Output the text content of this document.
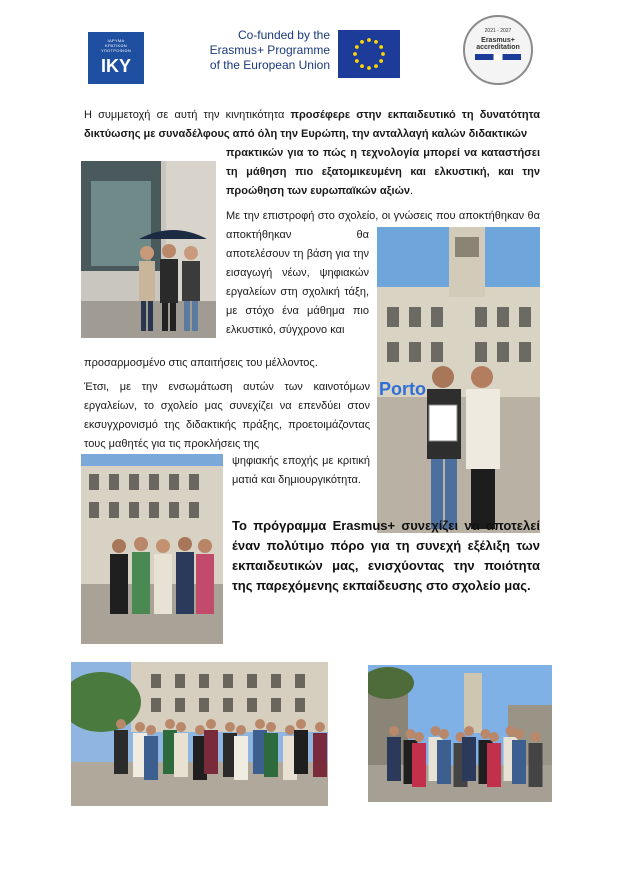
ΙΔΡΥΜΑ
ΚΡΑΤΙΚΩΝ
ΥΠΟΤΡΟΦΙΩΝ
IKY
Co-funded by the
Erasmus+ Programme
of the European Union
2021 - 2027
Erasmus+ accreditation
Η συμμετοχή σε αυτή την κινητικότητα προσέφερε στην εκπαιδευτικό τη δυνατότητα δικτύωσης με συναδέλφους από όλη την Ευρώπη, την ανταλλαγή καλών διδακτικών
πρακτικών για το πώς η τεχνολογία μπορεί να καταστήσει τη μάθηση πιο εξατομικευμένη και ελκυστική, και την προώθηση των ευρωπαϊκών αξιών.
Με την επιστροφή στο σχολείο, οι γνώσεις που αποκτήθηκαν θα
αποκτήθηκαν θα αποτελέσουν τη βάση για την εισαγωγή νέων, ψηφιακών εργαλείων στη σχολική τάξη, με στόχο ένα μάθημα πιο ελκυστικό, σύγχρονο και
προσαρμοσμένο στις απαιτήσεις του μέλλοντος.
Porto
Έτσι, με την ενσωμάτωση αυτών των καινοτόμων εργαλείων, το σχολείο μας συνεχίζει να επενδύει στον εκσυγχρονισμό της διδακτικής πράξης, προετοιμάζοντας τους μαθητές για τις προκλήσεις της
ψηφιακής εποχής με κριτική ματιά και δημιουργικότητα.
Το πρόγραμμα Erasmus+ συνεχίζει να αποτελεί έναν πολύτιμο πόρο για τη συνεχή εξέλιξη των εκπαιδευτικών μας, ενισχύοντας την ποιότητα της παρεχόμενης εκπαίδευσης στο σχολείο μας.
